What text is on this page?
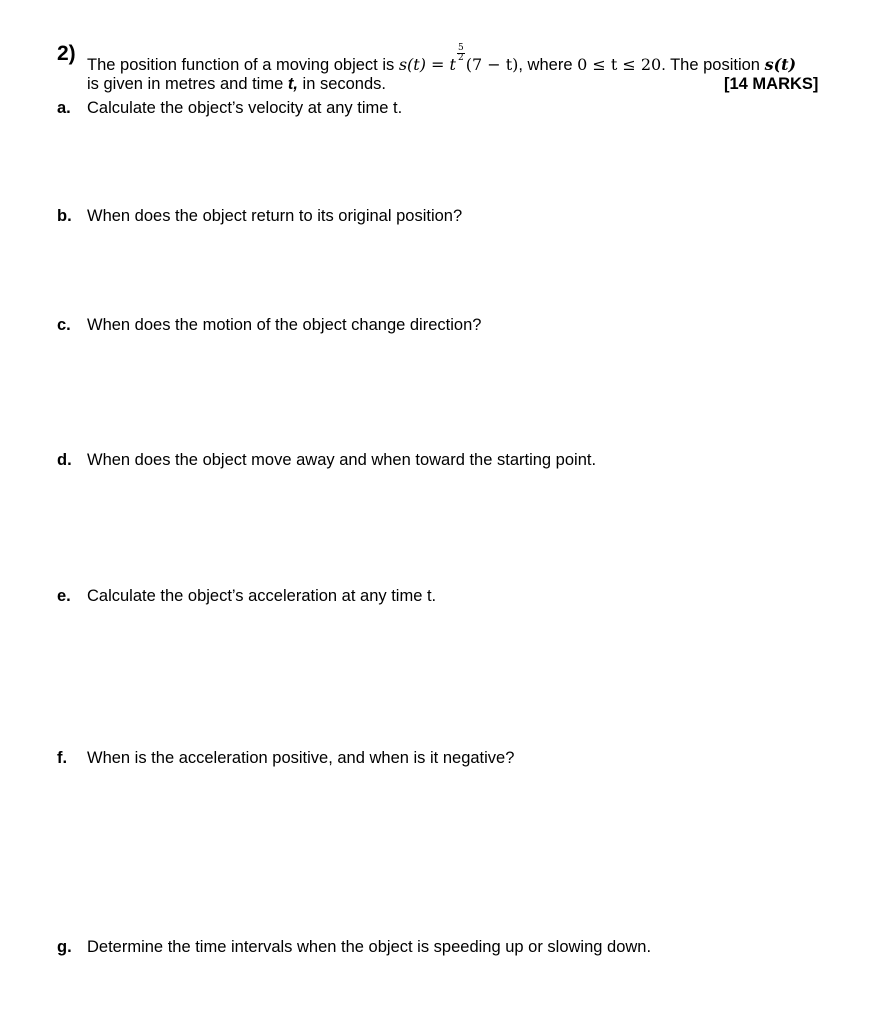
2) The position function of a moving object is s(t) = t
$\frac{5}{2}$
(7 − t), where 0 ≤ t ≤ 20. The position s(t)
is given in metres and time t, in seconds.	[14 MARKS]
a. Calculate the object’s velocity at any time t.
b. When does the object return to its original position?
c. When does the motion of the object change direction?
d. When does the object move away and when toward the starting point.
e. Calculate the object’s acceleration at any time t.
f. When is the acceleration positive, and when is it negative?
g. Determine the time intervals when the object is speeding up or slowing down.
